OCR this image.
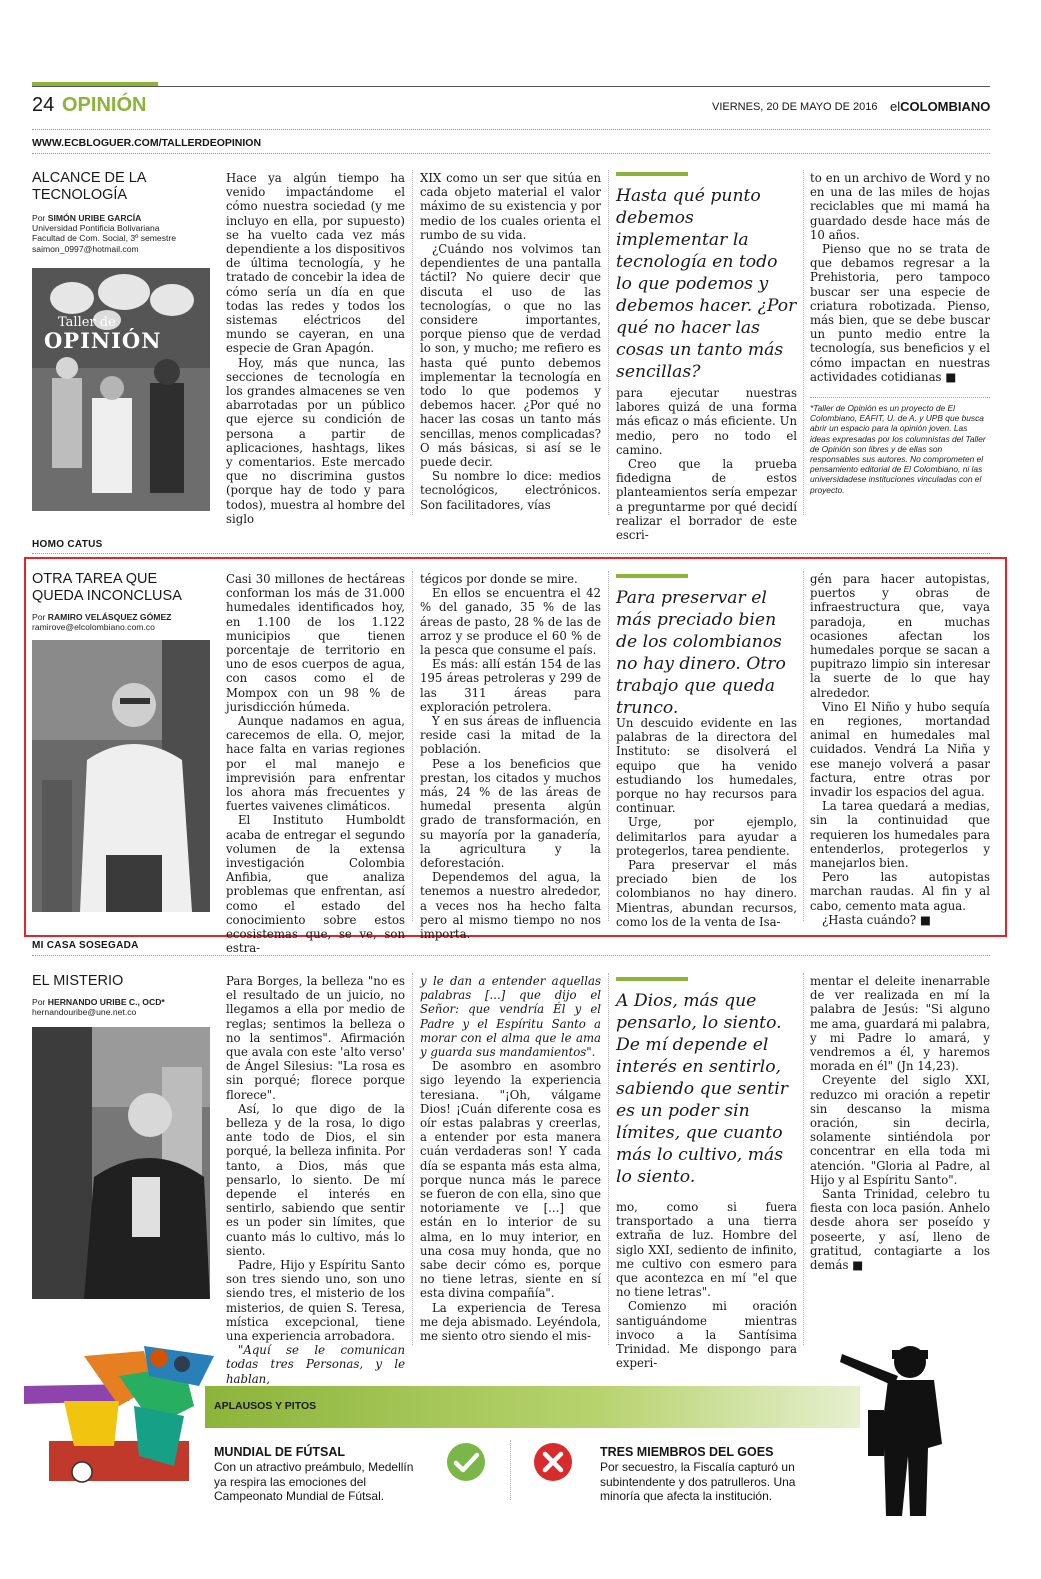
24 OPINIÓN	VIERNES, 20 DE MAYO DE 2016 elCOLOMBIANO
WWW.ECBLOGUER.COM/TALLERDEOPINION
ALCANCE DE LA TECNOLOGÍA
Por SIMÓN URIBE GARCÍA
Universidad Pontificia Bolivariana
Facultad de Com. Social, 3º semestre
saimon_0997@hotmail.com
Taller de
OPINIÓN

Hace ya algún tiempo ha venido impactándome el cómo nuestra sociedad (y me incluyo en ella, por supuesto) se ha vuelto cada vez más dependiente a los dispositivos de última tecnología, y he tratado de concebir la idea de cómo sería un día en que todas las redes y todos los sistemas eléctricos del mundo se cayeran, en una especie de Gran Apagón.

Hoy, más que nunca, las secciones de tecnología en los grandes almacenes se ven abarrotadas por un público que ejerce su condición de persona a partir de aplicaciones, hashtags, likes y comentarios. Este mercado que no discrimina gustos (porque hay de todo y para todos), muestra al hombre del siglo

XIX como un ser que sitúa en cada objeto material el valor máximo de su existencia y por medio de los cuales orienta el rumbo de su vida.

¿Cuándo nos volvimos tan dependientes de una pantalla táctil? No quiere decir que discuta el uso de las tecnologías, o que no las considere importantes, porque pienso que de verdad lo son, y mucho; me refiero es hasta qué punto debemos implementar la tecnología en todo lo que podemos y debemos hacer. ¿Por qué no hacer las cosas un tanto más sencillas, menos complicadas? O más básicas, si así se le puede decir.

Su nombre lo dice: medios tecnológicos, electrónicos. Son facilitadores, vías

Hasta qué punto debemos implementar la tecnología en todo lo que podemos y debemos hacer. ¿Por qué no hacer las cosas un tanto más sencillas?

para ejecutar nuestras labores quizá de una forma más eficaz o más eficiente. Un medio, pero no todo el camino.

Creo que la prueba fidedigna de estos planteamientos sería empezar a preguntarme por qué decidí realizar el borrador de este escri-

to en un archivo de Word y no en una de las miles de hojas reciclables que mi mamá ha guardado desde hace más de 10 años.

Pienso que no se trata de que debamos regresar a la Prehistoria, pero tampoco buscar ser una especie de criatura robotizada. Pienso, más bien, que se debe buscar un punto medio entre la tecnología, sus beneficios y el cómo impactan en nuestras actividades cotidianas ■

*Taller de Opinión es un proyecto de El Colombiano, EAFIT, U. de A. y UPB que busca abrir un espacio para la opinión joven. Las ideas expresadas por los columnistas del Taller de Opinión son libres y de ellas son responsables sus autores. No comprometen el pensamiento editorial de El Colombiano, ni las universidadese instituciones vinculadas con el proyecto.
HOMO CATUS
OTRA TAREA QUE QUEDA INCONCLUSA
Por RAMIRO VELÁSQUEZ GÓMEZ
ramirove@elcolombiano.com.co

Casi 30 millones de hectáreas conforman los más de 31.000 humedales identificados hoy, en 1.100 de los 1.122 municipios que tienen porcentaje de territorio en uno de esos cuerpos de agua, con casos como el de Mompox con un 98 % de jurisdicción húmeda.

Aunque nadamos en agua, carecemos de ella. O, mejor, hace falta en varias regiones por el mal manejo e imprevisión para enfrentar los ahora más frecuentes y fuertes vaivenes climáticos.

El Instituto Humboldt acaba de entregar el segundo volumen de la extensa investigación Colombia Anfibia, que analiza problemas que enfrentan, así como el estado del conocimiento sobre estos ecosistemas que, se ve, son estra-

tégicos por donde se mire.

En ellos se encuentra el 42 % del ganado, 35 % de las áreas de pasto, 28 % de las de arroz y se produce el 60 % de la pesca que consume el país.

Es más: allí están 154 de las 195 áreas petroleras y 299 de las 311 áreas para exploración petrolera.

Y en sus áreas de influencia reside casi la mitad de la población.

Pese a los beneficios que prestan, los citados y muchos más, 24 % de las áreas de humedal presenta algún grado de transformación, en su mayoría por la ganadería, la agricultura y la deforestación.

Dependemos del agua, la tenemos a nuestro alrededor, a veces nos ha hecho falta pero al mismo tiempo no nos importa.

Para preservar el más preciado bien de los colombianos no hay dinero. Otro trabajo que queda trunco.

Un descuido evidente en las palabras de la directora del Instituto: se disolverá el equipo que ha venido estudiando los humedales, porque no hay recursos para continuar.

Urge, por ejemplo, delimitarlos para ayudar a protegerlos, tarea pendiente.

Para preservar el más preciado bien de los colombianos no hay dinero. Mientras, abundan recursos, como los de la venta de Isa-

gén para hacer autopistas, puertos y obras de infraestructura que, vaya paradoja, en muchas ocasiones afectan los humedales porque se sacan a pupitrazo limpio sin interesar la suerte de lo que hay alrededor.

Vino El Niño y hubo sequía en regiones, mortandad animal en humedales mal cuidados. Vendrá La Niña y ese manejo volverá a pasar factura, entre otras por invadir los espacios del agua.

La tarea quedará a medias, sin la continuidad que requieren los humedales para entenderlos, protegerlos y manejarlos bien.

Pero las autopistas marchan raudas. Al fin y al cabo, cemento mata agua.

¿Hasta cuándo? ■

MI CASA SOSEGADA
EL MISTERIO
Por HERNANDO URIBE C., OCD*
hernandouribe@une.net.co

Para Borges, la belleza "no es el resultado de un juicio, no llegamos a ella por medio de reglas; sentimos la belleza o no la sentimos". Afirmación que avala con este 'alto verso' de Ángel Silesius: "La rosa es sin porqué; florece porque florece".

Así, lo que digo de la belleza y de la rosa, lo digo ante todo de Dios, el sin porqué, la belleza infinita. Por tanto, a Dios, más que pensarlo, lo siento. De mí depende el interés en sentirlo, sabiendo que sentir es un poder sin límites, que cuanto más lo cultivo, más lo siento.

Padre, Hijo y Espíritu Santo son tres siendo uno, son uno siendo tres, el misterio de los misterios, de quien S. Teresa, mística excepcional, tiene una experiencia arrobadora.

"Aquí se le comunican todas tres Personas, y le hablan,

y le dan a entender aquellas palabras [...] que dijo el Señor: que vendría Él y el Padre y el Espíritu Santo a morar con el alma que le ama y guarda sus mandamientos".

De asombro en asombro sigo leyendo la experiencia teresiana. "¡Oh, válgame Dios! ¡Cuán diferente cosa es oír estas palabras y creerlas, a entender por esta manera cuán verdaderas son! Y cada día se espanta más esta alma, porque nunca más le parece se fueron de con ella, sino que notoriamente ve [...] que están en lo interior de su alma, en lo muy interior, en una cosa muy honda, que no sabe decir cómo es, porque no tiene letras, siente en sí esta divina compañía".

La experiencia de Teresa me deja abismado. Leyéndola, me siento otro siendo el mis-

A Dios, más que pensarlo, lo siento. De mí depende el interés en sentirlo, sabiendo que sentir es un poder sin límites, que cuanto más lo cultivo, más lo siento.

mo, como si fuera transportado a una tierra extraña de luz. Hombre del siglo XXI, sediento de infinito, me cultivo con esmero para que acontezca en mí "el que no tiene letras".

Comienzo mi oración santiguándome mientras invoco a la Santísima Trinidad. Me dispongo para experi-

mentar el deleite inenarrable de ver realizada en mí la palabra de Jesús: "Si alguno me ama, guardará mi palabra, y mi Padre lo amará, y vendremos a él, y haremos morada en él" (Jn 14,23).

Creyente del siglo XXI, reduzco mi oración a repetir sin descanso la misma oración, sin decirla, solamente sintiéndola por concentrar en ella toda mi atención. "Gloria al Padre, al Hijo y al Espíritu Santo".

Santa Trinidad, celebro tu fiesta con loca pasión. Anhelo desde ahora ser poseído y poseerte, y así, lleno de gratitud, contagiarte a los demás ■

APLAUSOS Y PITOS
MUNDIAL DE FÚTSAL
Con un atractivo preámbulo, Medellín ya respira las emociones del Campeonato Mundial de Fútsal.
TRES MIEMBROS DEL GOES
Por secuestro, la Fiscalía capturó un subintendente y dos patrulleros. Una minoría que afecta la institución.
